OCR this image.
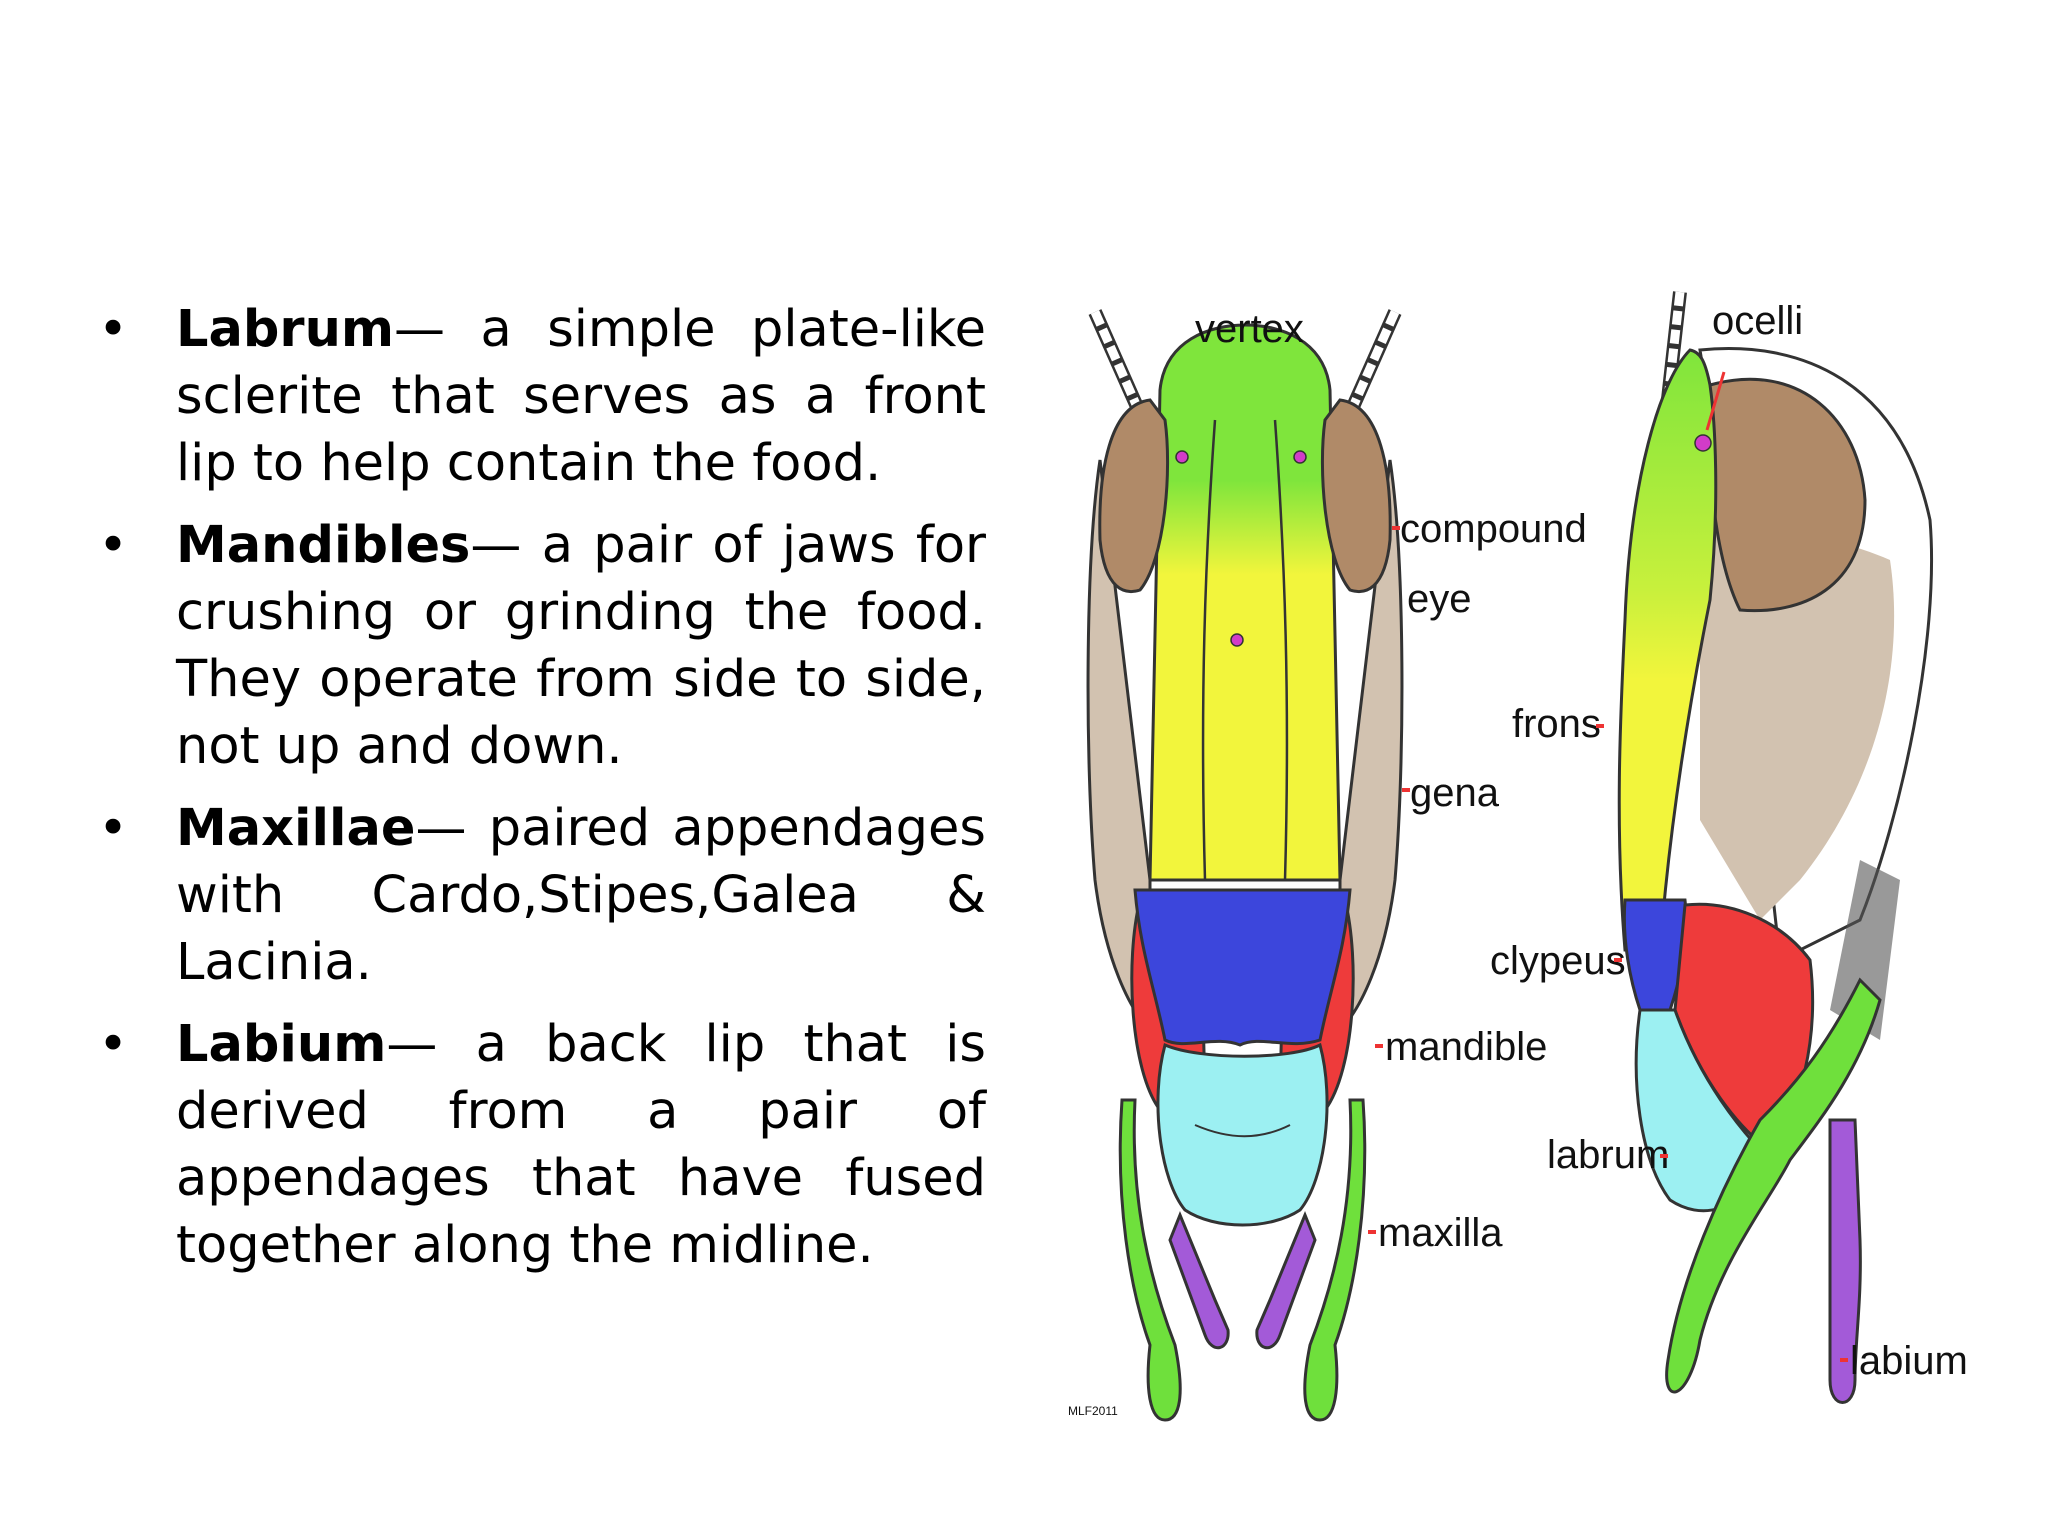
• Labrum— a simple plate-like sclerite that serves as a front lip to help contain the food.
• Mandibles— a pair of jaws for crushing or grinding the food. They operate from side to side, not up and down.
• Maxillae— paired appendages with Cardo,Stipes,Galea & Lacinia.
• Labium— a back lip that is derived from a pair of appendages that have fused together along the midline.
vertex	ocelli
compound
eye
frons
gena
clypeus
mandible
labrum
maxilla
labium
MLF2011
